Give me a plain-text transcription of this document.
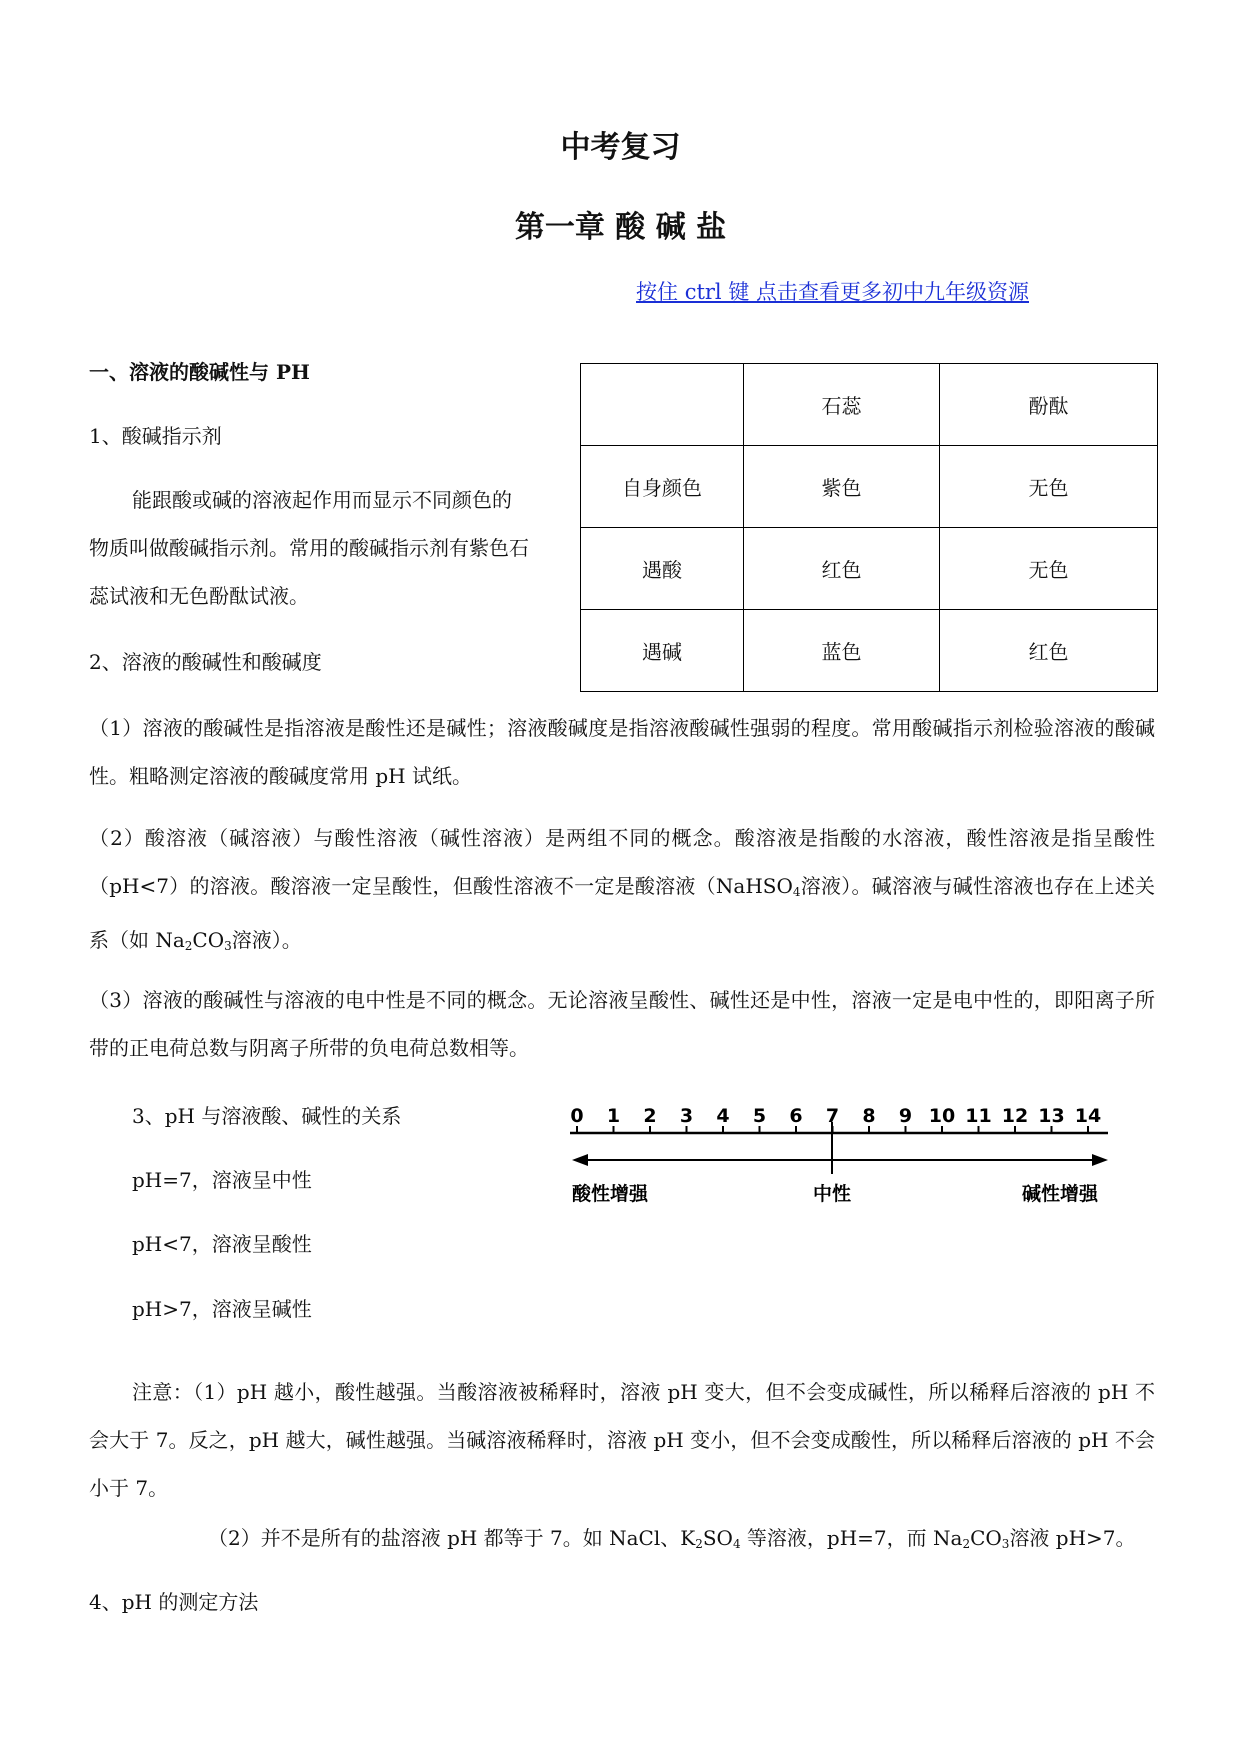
中考复习
第一章 酸 碱 盐
按住 ctrl 键 点击查看更多初中九年级资源
一、溶液的酸碱性与 PH
1、酸碱指示剂
能跟酸或碱的溶液起作用而显示不同颜色的
物质叫做酸碱指示剂。常用的酸碱指示剂有紫色石
蕊试液和无色酚酞试液。
2、溶液的酸碱性和酸碱度
	石蕊	酚酞
自身颜色	紫色	无色
遇酸	红色	无色
遇碱	蓝色	红色
（1）溶液的酸碱性是指溶液是酸性还是碱性；溶液酸碱度是指溶液酸碱性强弱的程度。常用酸碱指示剂检验溶液的酸碱性。粗略测定溶液的酸碱度常用 pH 试纸。
（2）酸溶液（碱溶液）与酸性溶液（碱性溶液）是两组不同的概念。酸溶液是指酸的水溶液，酸性溶液是指呈酸性（pH<7）的溶液。酸溶液一定呈酸性，但酸性溶液不一定是酸溶液（NaHSO$_4$溶液）。碱溶液与碱性溶液也存在上述关系（如 $Na_2CO_3$溶液）。
（3）溶液的酸碱性与溶液的电中性是不同的概念。无论溶液呈酸性、碱性还是中性，溶液一定是电中性的，即阳离子所带的正电荷总数与阴离子所带的负电荷总数相等。
3、pH 与溶液酸、碱性的关系
pH=7，溶液呈中性
pH<7，溶液呈酸性
pH>7，溶液呈碱性
0 1 2 3 4 5 6 7 8 9 10 11 12 13 14
酸性增强	中性	碱性增强
注意：（1）pH 越小，酸性越强。当酸溶液被稀释时，溶液 pH 变大，但不会变成碱性，所以稀释后溶液的 pH 不会大于 7。反之，pH 越大，碱性越强。当碱溶液稀释时，溶液 pH 变小，但不会变成酸性，所以稀释后溶液的 pH 不会小于 7。
（2）并不是所有的盐溶液 pH 都等于 7。如 NaCl、$K_2SO_4$ 等溶液，pH=7，而 $Na_2CO_3$溶液 pH>7。
4、pH 的测定方法
